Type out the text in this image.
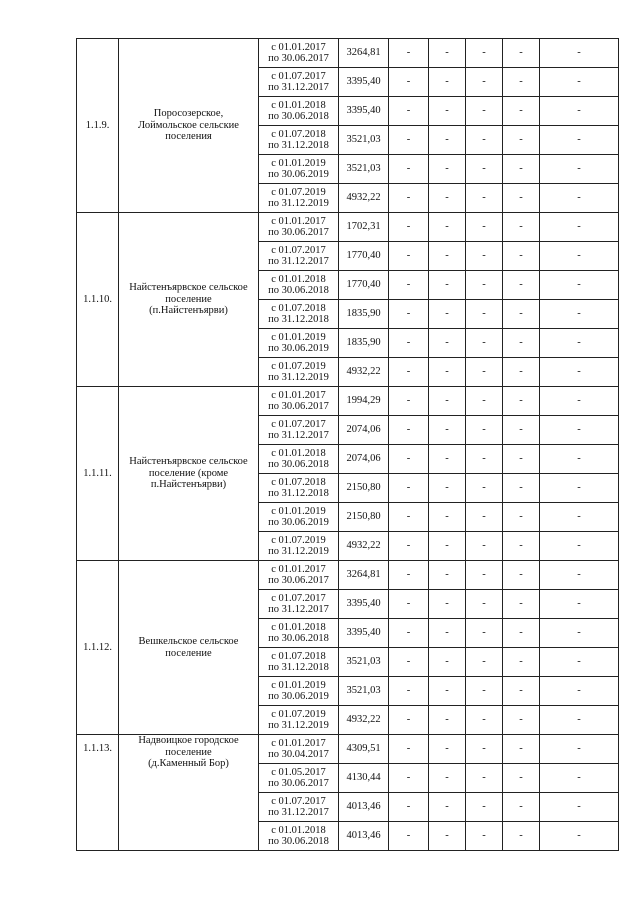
1.1.9.	Поросозерское,
Лоймольское сельские
поселения	с 01.01.2017
по 30.06.2017	3264,81	-	-	-	-	-

		с 01.07.2017
по 31.12.2017	3395,40	-	-	-	-	-

		с 01.01.2018
по 30.06.2018	3395,40	-	-	-	-	-

		с 01.07.2018
по 31.12.2018	3521,03	-	-	-	-	-

		с 01.01.2019
по 30.06.2019	3521,03	-	-	-	-	-

		с 01.07.2019
по 31.12.2019	4932,22	-	-	-	-	-
1.1.10.	Найстенъярвское сельское
поселение
(п.Найстенъярви)	с 01.01.2017
по 30.06.2017	1702,31	-	-	-	-	-

		с 01.07.2017
по 31.12.2017	1770,40	-	-	-	-	-

		с 01.01.2018
по 30.06.2018	1770,40	-	-	-	-	-

		с 01.07.2018
по 31.12.2018	1835,90	-	-	-	-	-

		с 01.01.2019
по 30.06.2019	1835,90	-	-	-	-	-

		с 01.07.2019
по 31.12.2019	4932,22	-	-	-	-	-
1.1.11.	Найстенъярвское сельское
поселение (кроме
п.Найстенъярви)	с 01.01.2017
по 30.06.2017	1994,29	-	-	-	-	-

		с 01.07.2017
по 31.12.2017	2074,06	-	-	-	-	-

		с 01.01.2018
по 30.06.2018	2074,06	-	-	-	-	-

		с 01.07.2018
по 31.12.2018	2150,80	-	-	-	-	-

		с 01.01.2019
по 30.06.2019	2150,80	-	-	-	-	-

		с 01.07.2019
по 31.12.2019	4932,22	-	-	-	-	-
1.1.12.	Вешкельское сельское
поселение	с 01.01.2017
по 30.06.2017	3264,81	-	-	-	-	-

		с 01.07.2017
по 31.12.2017	3395,40	-	-	-	-	-

		с 01.01.2018
по 30.06.2018	3395,40	-	-	-	-	-

		с 01.07.2018
по 31.12.2018	3521,03	-	-	-	-	-

		с 01.01.2019
по 30.06.2019	3521,03	-	-	-	-	-

		с 01.07.2019
по 31.12.2019	4932,22	-	-	-	-	-
1.1.13.	Надвоицкое городское
поселение
(д.Каменный Бор)	с 01.01.2017
по 30.04.2017	4309,51	-	-	-	-	-

		с 01.05.2017
по 30.06.2017	4130,44	-	-	-	-	-

		с 01.07.2017
по 31.12.2017	4013,46	-	-	-	-	-

		с 01.01.2018
по 30.06.2018	4013,46	-	-	-	-	-
